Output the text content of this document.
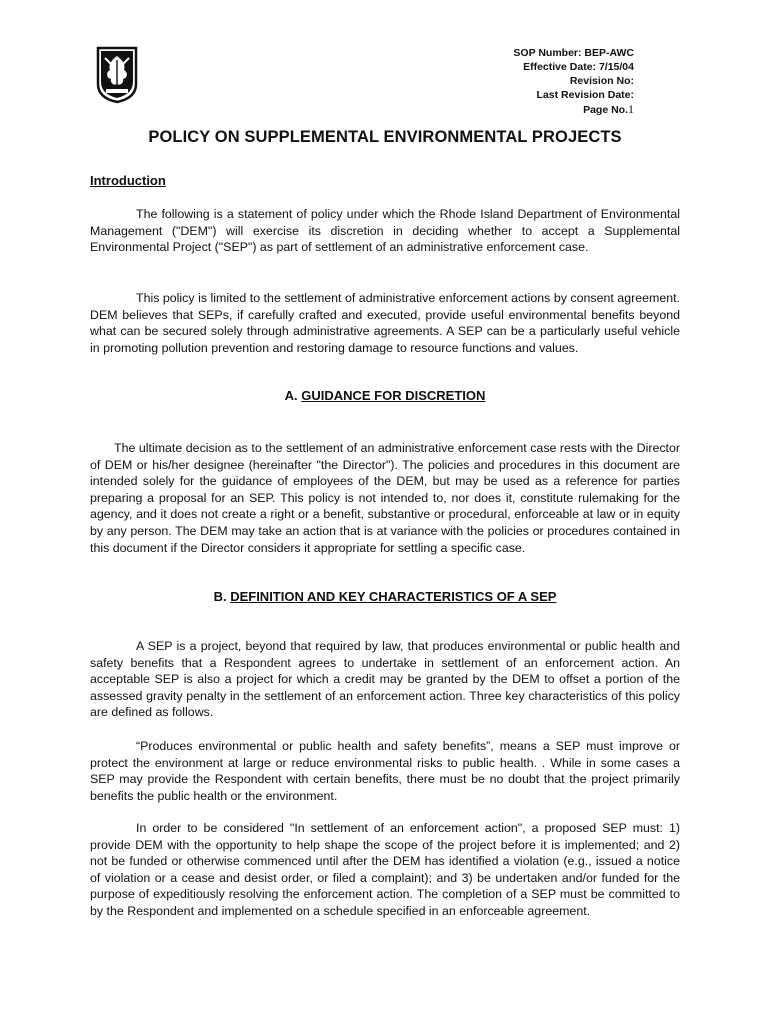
SOP Number: BEP-AWC
Effective Date: 7/15/04
Revision No:
Last Revision Date:
Page No.1
POLICY ON SUPPLEMENTAL ENVIRONMENTAL PROJECTS
Introduction

The following is a statement of policy under which the Rhode Island Department of Environmental Management ("DEM") will exercise its discretion in deciding whether to accept a Supplemental Environmental Project ("SEP") as part of settlement of an administrative enforcement case.

This policy is limited to the settlement of administrative enforcement actions by consent agreement. DEM believes that SEPs, if carefully crafted and executed, provide useful environmental benefits beyond what can be secured solely through administrative agreements. A SEP can be a particularly useful vehicle in promoting pollution prevention and restoring damage to resource functions and values.

A. GUIDANCE FOR DISCRETION

The ultimate decision as to the settlement of an administrative enforcement case rests with the Director of DEM or his/her designee (hereinafter "the Director"). The policies and procedures in this document are intended solely for the guidance of employees of the DEM, but may be used as a reference for parties preparing a proposal for an SEP. This policy is not intended to, nor does it, constitute rulemaking for the agency, and it does not create a right or a benefit, substantive or procedural, enforceable at law or in equity by any person. The DEM may take an action that is at variance with the policies or procedures contained in this document if the Director considers it appropriate for settling a specific case.

B. DEFINITION AND KEY CHARACTERISTICS OF A SEP

A SEP is a project, beyond that required by law, that produces environmental or public health and safety benefits that a Respondent agrees to undertake in settlement of an enforcement action. An acceptable SEP is also a project for which a credit may be granted by the DEM to offset a portion of the assessed gravity penalty in the settlement of an enforcement action. Three key characteristics of this policy are defined as follows.

“Produces environmental or public health and safety benefits”, means a SEP must improve or protect the environment at large or reduce environmental risks to public health. . While in some cases a SEP may provide the Respondent with certain benefits, there must be no doubt that the project primarily benefits the public health or the environment.

In order to be considered "In settlement of an enforcement action", a proposed SEP must: 1) provide DEM with the opportunity to help shape the scope of the project before it is implemented; and 2) not be funded or otherwise commenced until after the DEM has identified a violation (e.g., issued a notice of violation or a cease and desist order, or filed a complaint); and 3) be undertaken and/or funded for the purpose of expeditiously resolving the enforcement action. The completion of a SEP must be committed to by the Respondent and implemented on a schedule specified in an enforceable agreement.
